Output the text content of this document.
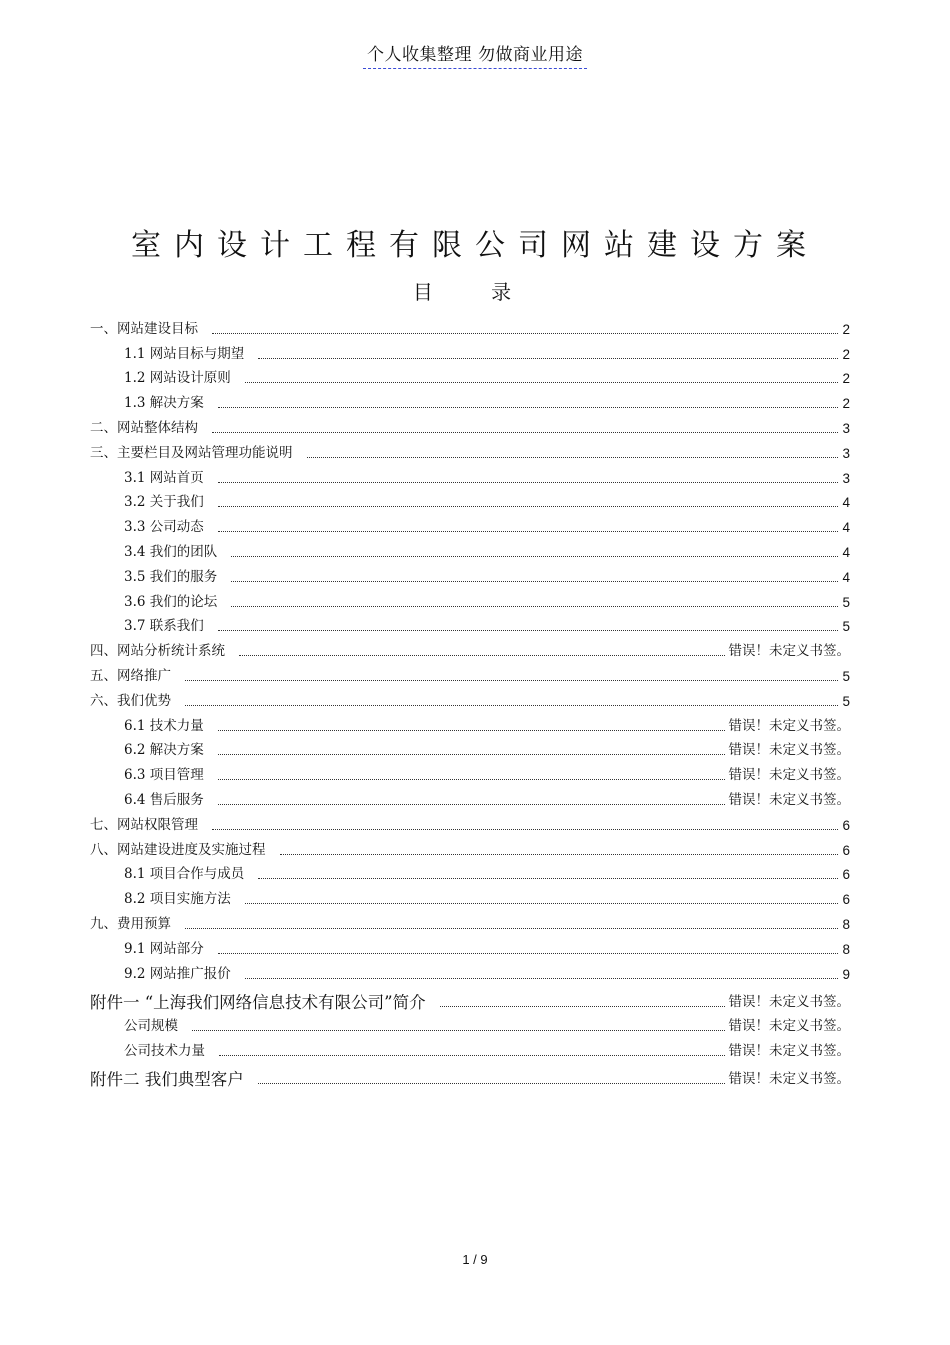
个人收集整理 勿做商业用途
室内设计工程有限公司网站建设方案
目 录
一、网站建设目标	2
1.1 网站目标与期望	2
1.2 网站设计原则	2
1.3 解决方案	2
二、网站整体结构	3
三、主要栏目及网站管理功能说明	3
3.1 网站首页	3
3.2 关于我们	4
3.3 公司动态	4
3.4 我们的团队	4
3.5 我们的服务	4
3.6 我们的论坛	5
3.7 联系我们	5
四、网站分析统计系统	错误！未定义书签。
五、网络推广	5
六、我们优势	5
6.1 技术力量	错误！未定义书签。
6.2 解决方案	错误！未定义书签。
6.3 项目管理	错误！未定义书签。
6.4 售后服务	错误！未定义书签。
七、网站权限管理	6
八、网站建设进度及实施过程	6
8.1 项目合作与成员	6
8.2 项目实施方法	6
九、费用预算	8
9.1 网站部分	8
9.2 网站推广报价	9
附件一 “上海我们网络信息技术有限公司”简介	错误！未定义书签。
公司规模	错误！未定义书签。
公司技术力量	错误！未定义书签。
附件二 我们典型客户	错误！未定义书签。
1 / 9
